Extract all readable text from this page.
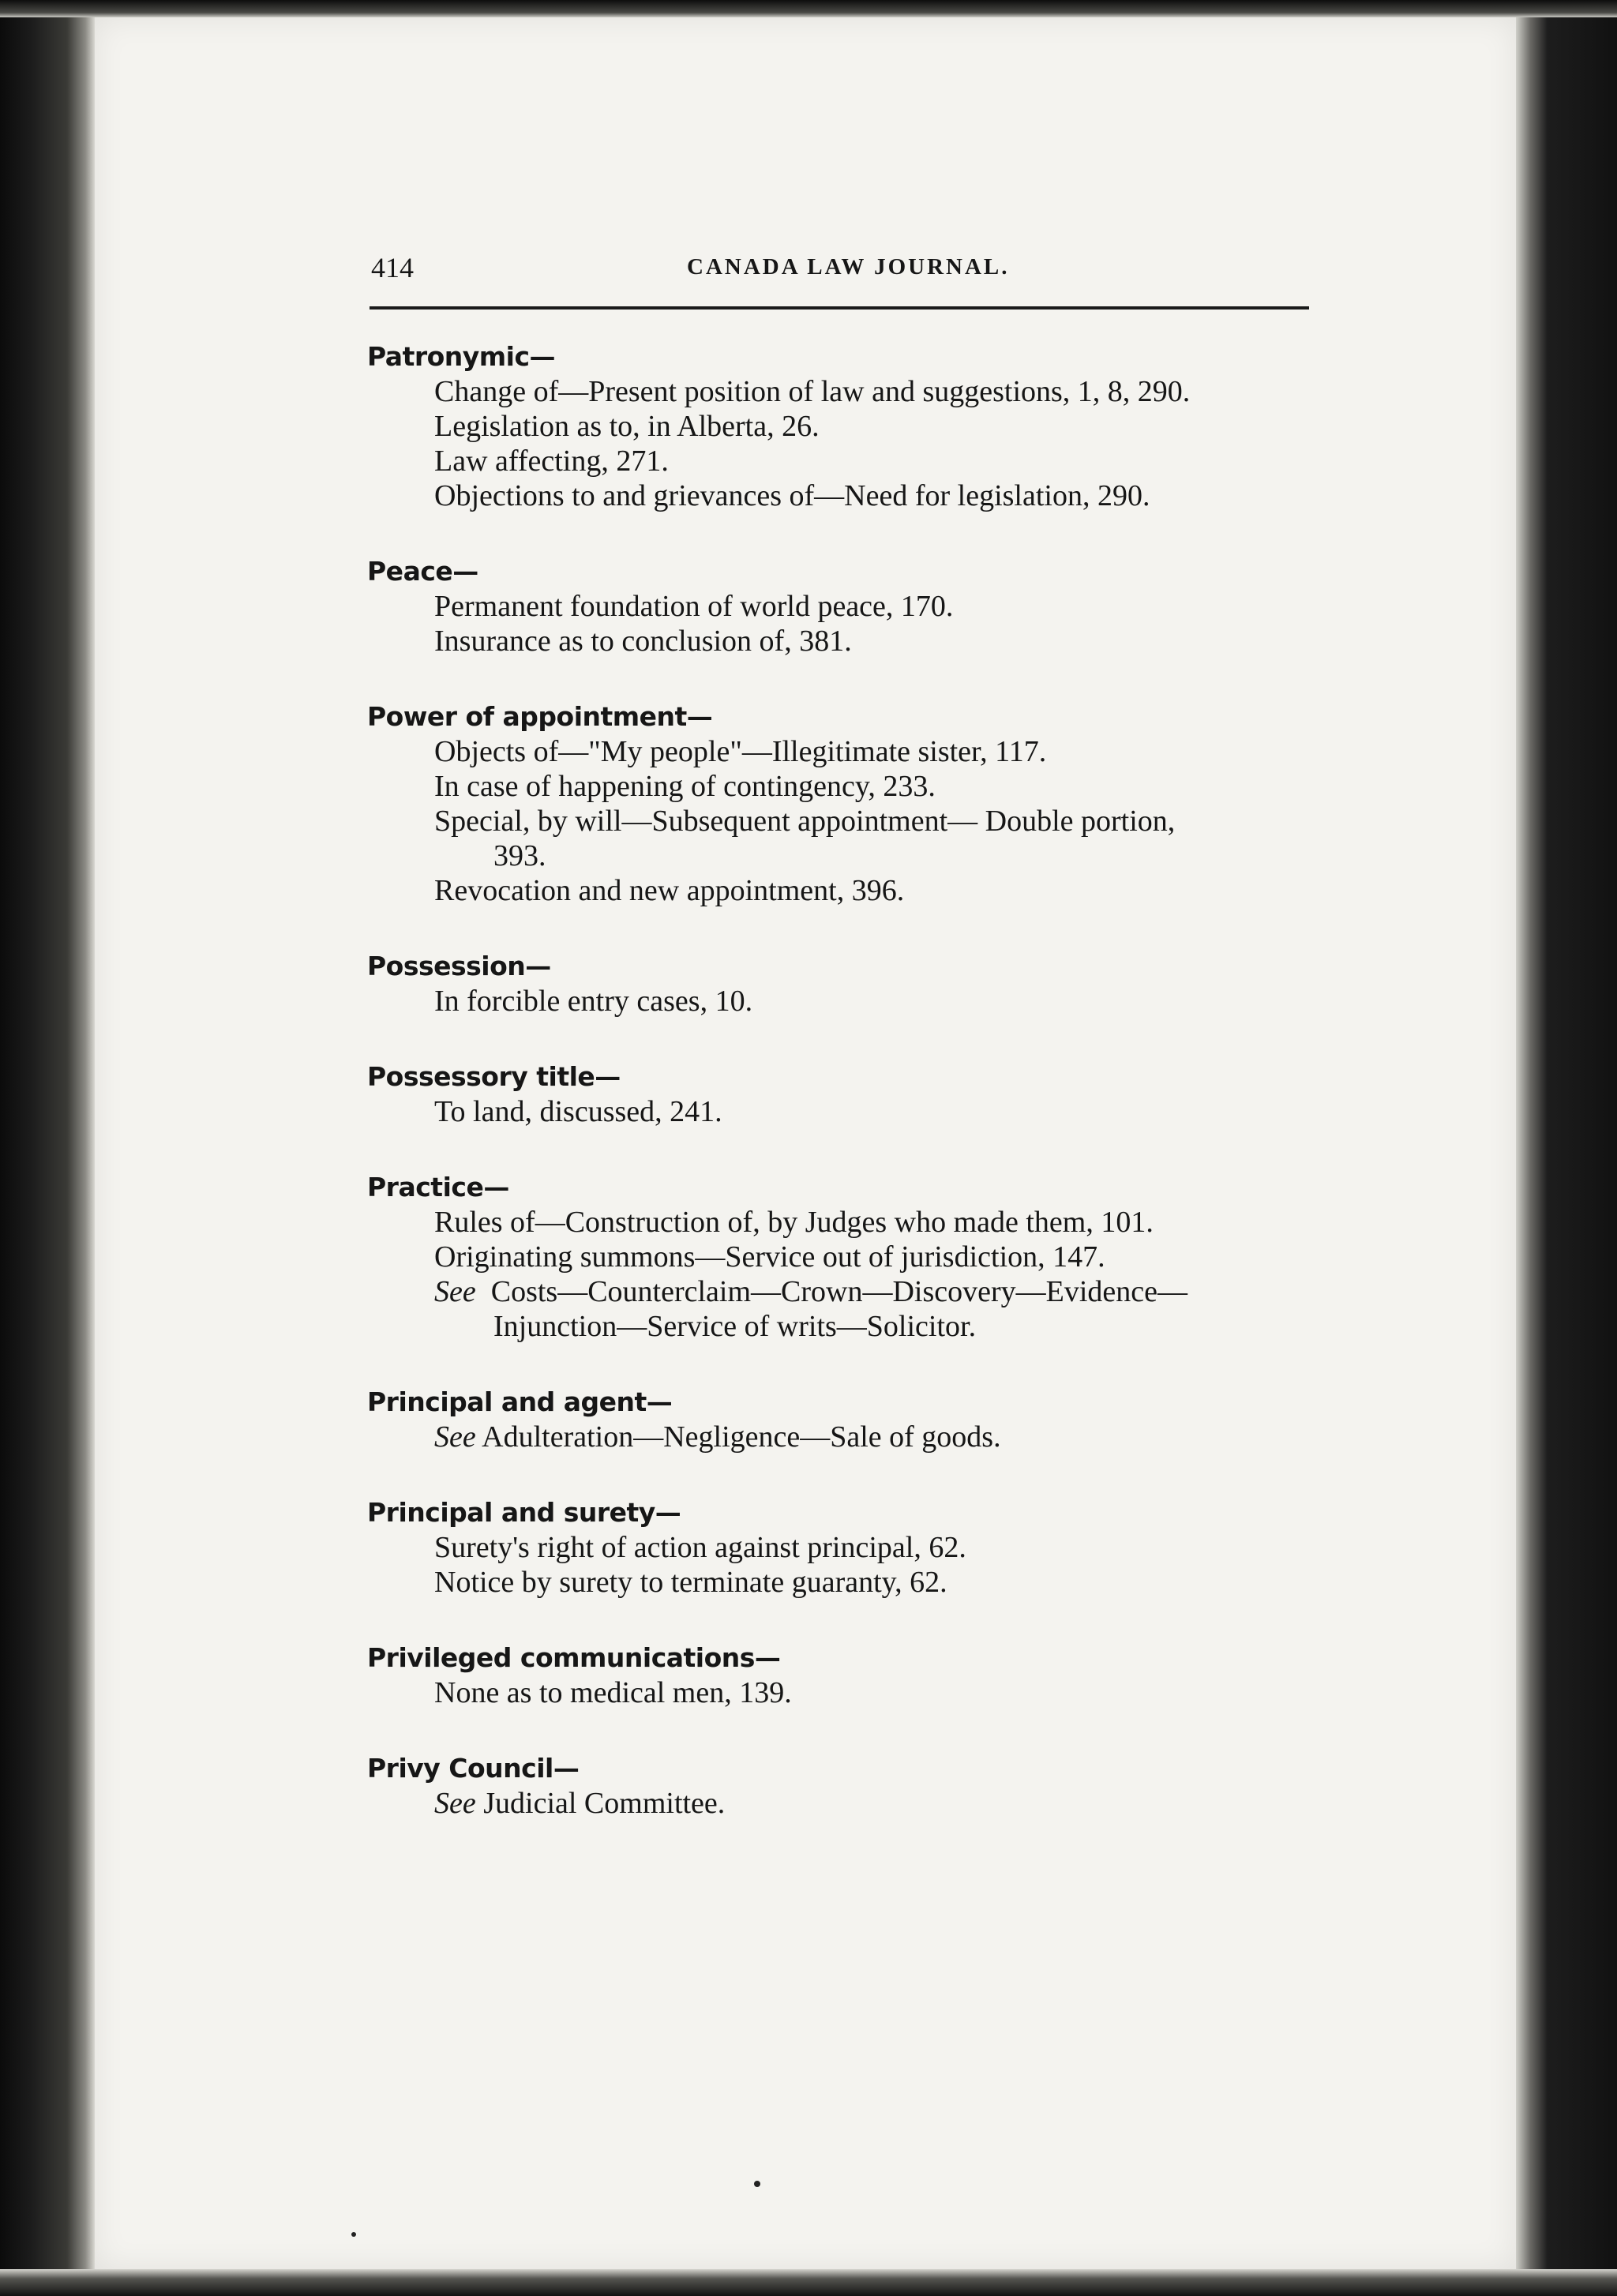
414	CANADA LAW JOURNAL.
Patronymic—
Change of—Present position of law and suggestions, 1, 8, 290.
Legislation as to, in Alberta, 26.
Law affecting, 271.
Objections to and grievances of—Need for legislation, 290.
Peace—
Permanent foundation of world peace, 170.
Insurance as to conclusion of, 381.
Power of appointment—
Objects of—"My people"—Illegitimate sister, 117.
In case of happening of contingency, 233.
Special, by will—Subsequent appointment— Double portion,
393.
Revocation and new appointment, 396.
Possession—
In forcible entry cases, 10.
Possessory title—
To land, discussed, 241.
Practice—
Rules of—Construction of, by Judges who made them, 101.
Originating summons—Service out of jurisdiction, 147.
See Costs—Counterclaim—Crown—Discovery—Evidence—
Injunction—Service of writs—Solicitor.
Principal and agent—
See Adulteration—Negligence—Sale of goods.
Principal and surety—
Surety's right of action against principal, 62.
Notice by surety to terminate guaranty, 62.
Privileged communications—
None as to medical men, 139.
Privy Council—
See Judicial Committee.
